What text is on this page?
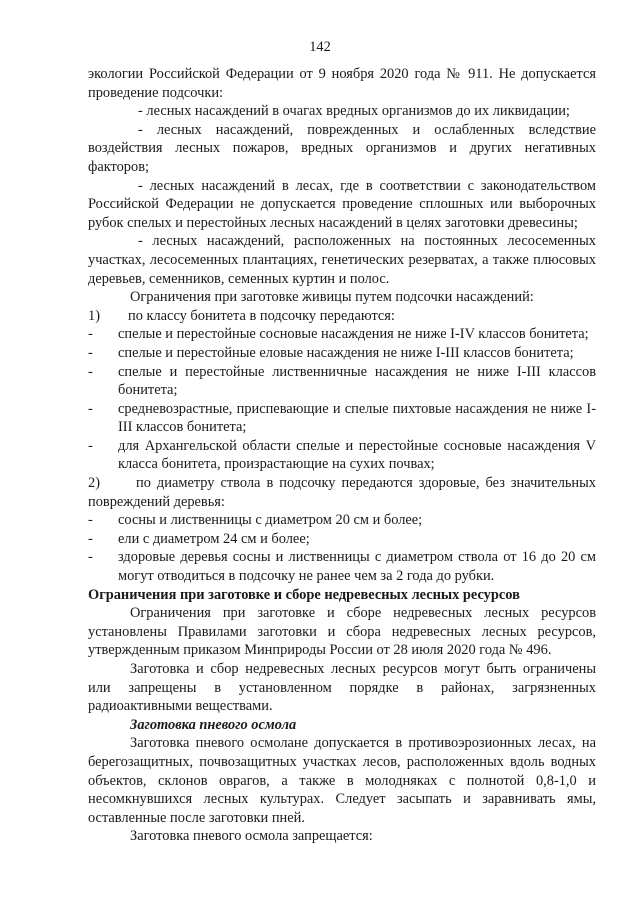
142

экологии Российской Федерации от 9 ноября 2020 года № 911. Не допускается проведение подсочки:

- лесных насаждений в очагах вредных организмов до их ликвидации;

- лесных насаждений, поврежденных и ослабленных вследствие воздействия лесных пожаров, вредных организмов и других негативных факторов;

- лесных насаждений в лесах, где в соответствии с законодательством Российской Федерации не допускается проведение сплошных или выборочных рубок спелых и перестойных лесных насаждений в целях заготовки древесины;

- лесных насаждений, расположенных на постоянных лесосеменных участках, лесосеменных плантациях, генетических резерватах, а также плюсовых деревьев, семенников, семенных куртин и полос.

Ограничения при заготовке живицы путем подсочки насаждений:

1) по классу бонитета в подсочку передаются:
- спелые и перестойные сосновые насаждения не ниже I-IV классов бонитета;
- спелые и перестойные еловые насаждения не ниже I-III классов бонитета;
- спелые и перестойные лиственничные насаждения не ниже I-III классов бонитета;
- средневозрастные, приспевающие и спелые пихтовые насаждения не ниже I-III классов бонитета;
- для Архангельской области спелые и перестойные сосновые насаждения V класса бонитета, произрастающие на сухих почвах;

2)	по диаметру ствола в подсочку передаются здоровые, без значительных повреждений деревья:

- сосны и лиственницы с диаметром 20 см и более;
- ели с диаметром 24 см и более;
- здоровые деревья сосны и лиственницы с диаметром ствола от 16 до 20 см могут отводиться в подсочку не ранее чем за 2 года до рубки.

Ограничения при заготовке и сборе недревесных лесных ресурсов

Ограничения при заготовке и сборе недревесных лесных ресурсов установлены Правилами заготовки и сбора недревесных лесных ресурсов, утвержденным приказом Минприроды России от 28 июля 2020 года № 496.

Заготовка и сбор недревесных лесных ресурсов могут быть ограничены или запрещены в установленном порядке в районах, загрязненных радиоактивными веществами.

Заготовка пневого осмола

Заготовка пневого осмолане допускается в противоэрозионных лесах, на берегозащитных, почвозащитных участках лесов, расположенных вдоль водных объектов, склонов оврагов, а также в молодняках с полнотой 0,8-1,0 и несомкнувшихся лесных культурах. Следует засыпать и заравнивать ямы, оставленные после заготовки пней.

Заготовка пневого осмола запрещается:
